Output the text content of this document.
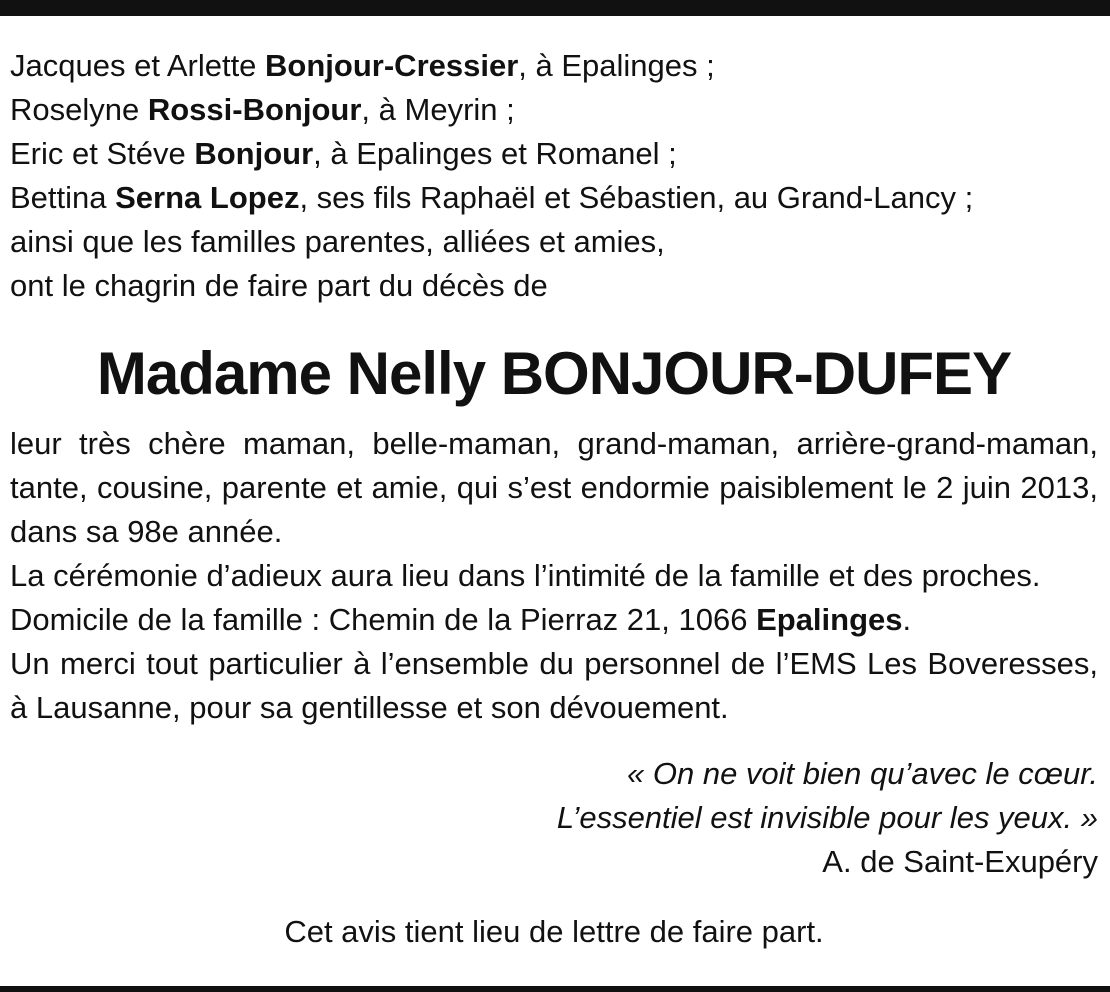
Jacques et Arlette Bonjour-Cressier, à Epalinges ;
Roselyne Rossi-Bonjour, à Meyrin ;
Eric et Stéve Bonjour, à Epalinges et Romanel ;
Bettina Serna Lopez, ses fils Raphaël et Sébastien, au Grand-Lancy ;
ainsi que les familles parentes, alliées et amies,
ont le chagrin de faire part du décès de
Madame Nelly BONJOUR-DUFEY

leur très chère maman, belle-maman, grand-maman, arrière-grand-maman, tante, cousine, parente et amie, qui s’est endormie paisiblement le 2 juin 2013, dans sa 98e année.

La cérémonie d’adieux aura lieu dans l’intimité de la famille et des proches.

Domicile de la famille : Chemin de la Pierraz 21, 1066 Epalinges.

Un merci tout particulier à l’ensemble du personnel de l’EMS Les Boveresses, à Lausanne, pour sa gentillesse et son dévouement.

« On ne voit bien qu’avec le cœur.
L’essentiel est invisible pour les yeux. »
A. de Saint-Exupéry
Cet avis tient lieu de lettre de faire part.
